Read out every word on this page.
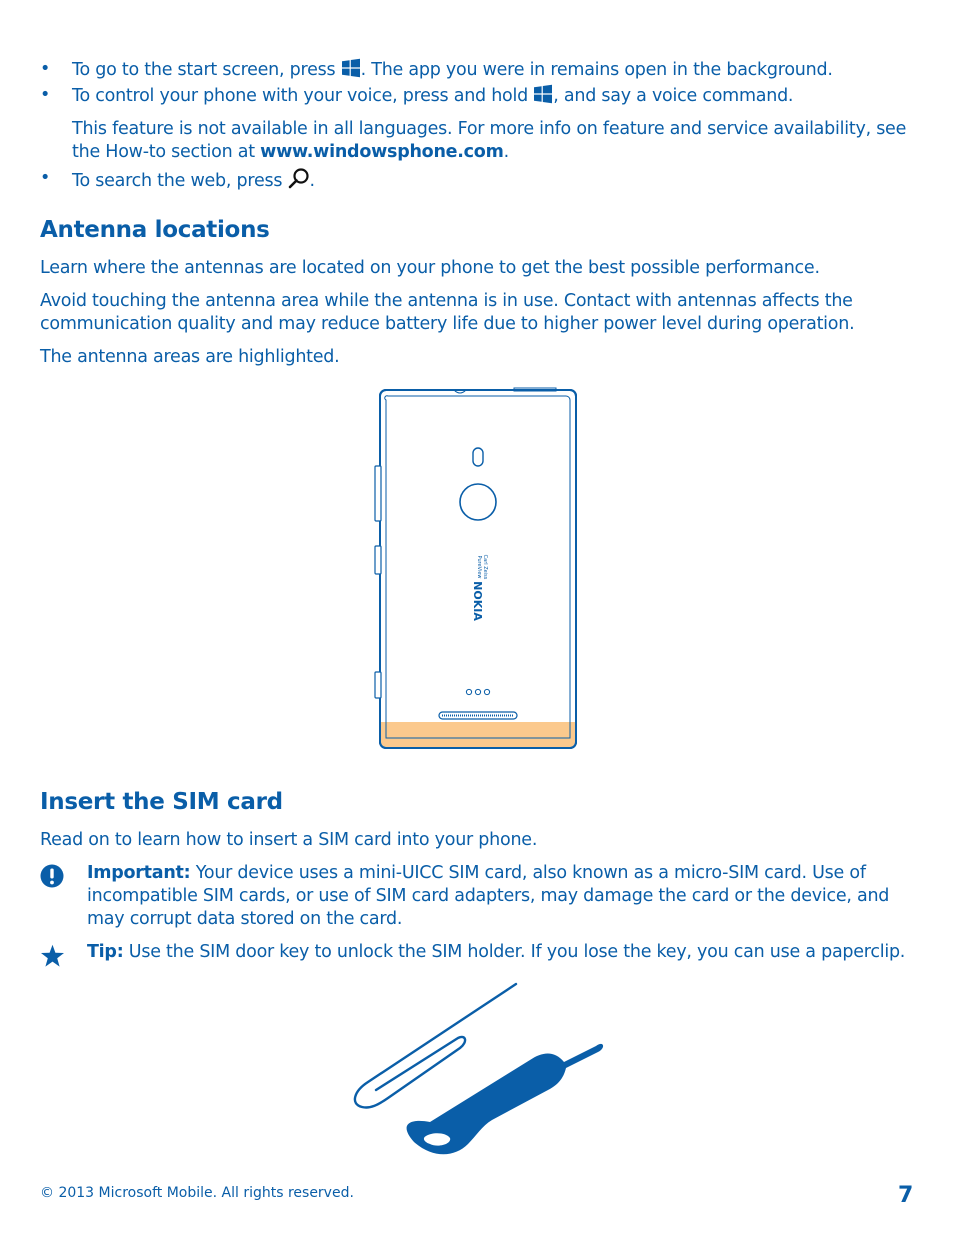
• To go to the start screen, press . The app you were in remains open in the background.
• To control your phone with your voice, press and hold , and say a voice command.
This feature is not available in all languages. For more info on feature and service availability, see the How-to section at www.windowsphone.com.
• To search the web, press .
Antenna locations
Learn where the antennas are located on your phone to get the best possible performance.
Avoid touching the antenna area while the antenna is in use. Contact with antennas affects the communication quality and may reduce battery life due to higher power level during operation.
The antenna areas are highlighted.
PureView Carl Zeiss
NOKIA
Insert the SIM card
Read on to learn how to insert a SIM card into your phone.
Important: Your device uses a mini-UICC SIM card, also known as a micro-SIM card. Use of incompatible SIM cards, or use of SIM card adapters, may damage the card or the device, and may corrupt data stored on the card.
Tip: Use the SIM door key to unlock the SIM holder. If you lose the key, you can use a paperclip.
© 2013 Microsoft Mobile. All rights reserved.	7
